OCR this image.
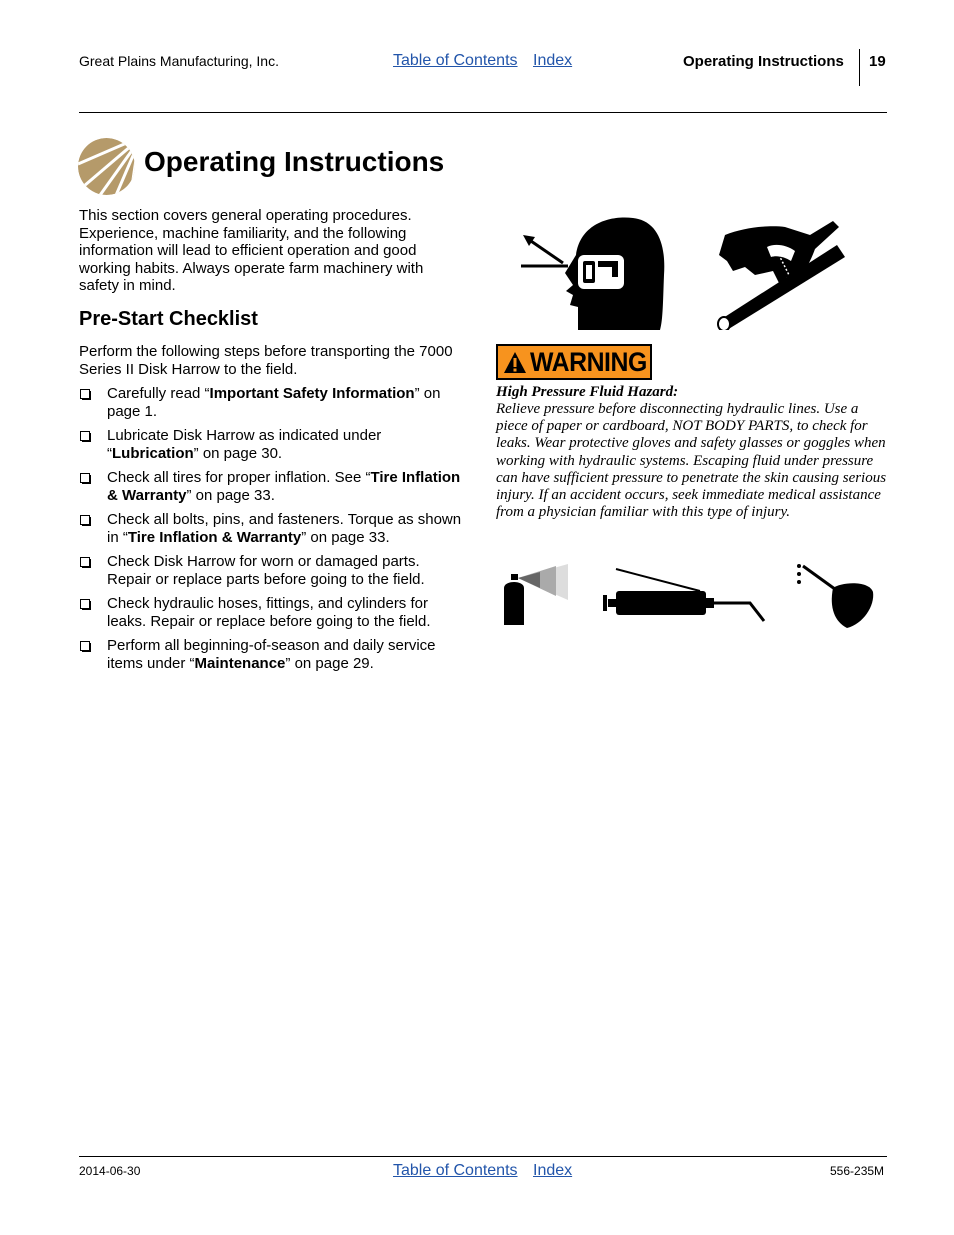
Great Plains Manufacturing, Inc.	Table of Contents Index	Operating Instructions 19
Operating Instructions
This section covers general operating procedures. Experience, machine familiarity, and the following information will lead to efficient operation and good working habits. Always operate farm machinery with safety in mind.
Pre-Start Checklist
Perform the following steps before transporting the 7000 Series II Disk Harrow to the field.
Carefully read “Important Safety Information” on page 1.
Lubricate Disk Harrow as indicated under “Lubrication” on page 30.
Check all tires for proper inflation. See “Tire Inflation & Warranty” on page 33.
Check all bolts, pins, and fasteners. Torque as shown in “Tire Inflation & Warranty” on page 33.
Check Disk Harrow for worn or damaged parts. Repair or replace parts before going to the field.
Check hydraulic hoses, fittings, and cylinders for leaks. Repair or replace before going to the field.
Perform all beginning-of-season and daily service items under “Maintenance” on page 29.
WARNING
High Pressure Fluid Hazard:
Relieve pressure before disconnecting hydraulic lines. Use a piece of paper or cardboard, NOT BODY PARTS, to check for leaks. Wear protective gloves and safety glasses or goggles when working with hydraulic systems. Escaping fluid under pressure can have sufficient pressure to penetrate the skin causing serious injury. If an accident occurs, seek immediate medical assistance from a physician familiar with this type of injury.
2014-06-30	Table of Contents Index	556-235M
